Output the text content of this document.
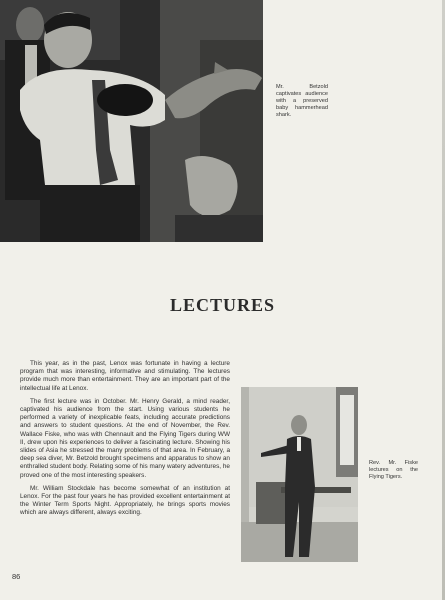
Mr. Betzold captivates audience with a preserved baby hammerhead shark.
LECTURES

This year, as in the past, Lenox was fortunate in having a lecture program that was interesting, informative and stimulating. The lectures provide much more than entertainment. They are an important part of the intellectual life at Lenox.

The first lecture was in October. Mr. Henry Gerald, a mind reader, captivated his audience from the start. Using various students he performed a variety of inexplicable feats, including accurate predictions and answers to student questions. At the end of November, the Rev. Wallace Fiske, who was with Chennault and the Flying Tigers during WW II, drew upon his experiences to deliver a fascinating lecture. Showing his slides of Asia he stressed the many problems of that area. In February, a deep sea diver, Mr. Betzold brought specimens and apparatus to show an enthralled student body. Relating some of his many watery adventures, he proved one of the most interesting speakers.

Mr. William Stockdale has become somewhat of an institution at Lenox. For the past four years he has provided excellent entertainment at the Winter Term Sports Night. Appropriately, he brings sports movies which are always different, always exciting.

Rev. Mr. Fiske lectures on the Flying Tigers.
86
